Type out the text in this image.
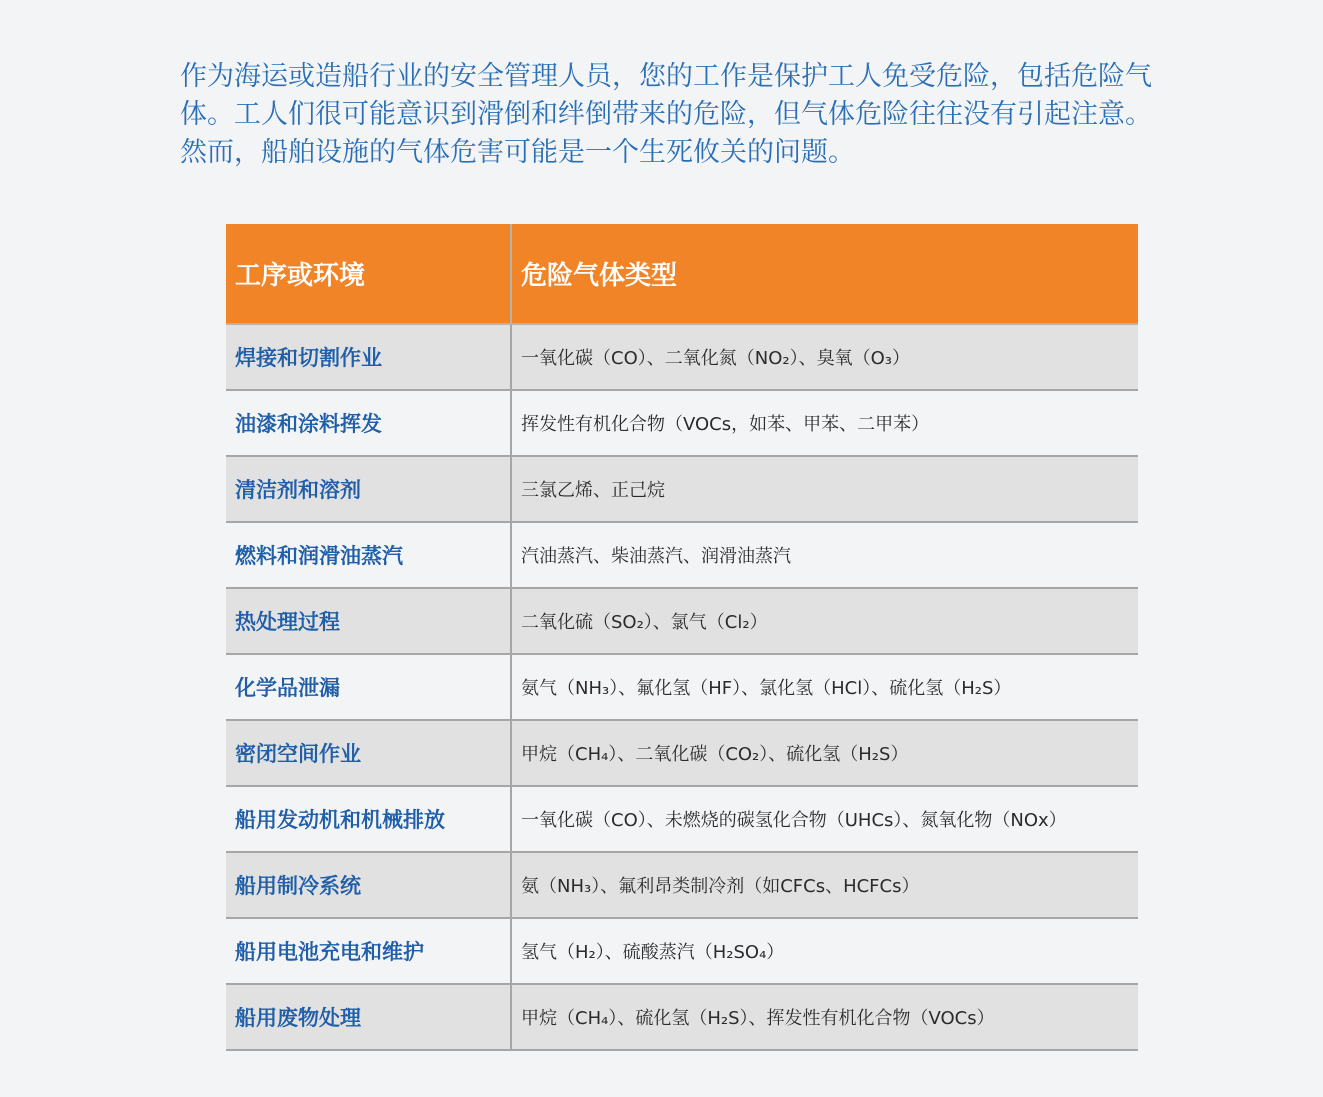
作为海运或造船行业的安全管理人员，您的工作是保护工人免受危险，包括危险气体。工人们很可能意识到滑倒和绊倒带来的危险，但气体危险往往没有引起注意。然而，船舶设施的气体危害可能是一个生死攸关的问题。

工序或环境	危险气体类型
焊接和切割作业	一氧化碳（CO）、二氧化氮（NO₂）、臭氧（O₃）
油漆和涂料挥发	挥发性有机化合物（VOCs，如苯、甲苯、二甲苯）
清洁剂和溶剂	三氯乙烯、正己烷
燃料和润滑油蒸汽	汽油蒸汽、柴油蒸汽、润滑油蒸汽
热处理过程	二氧化硫（SO₂）、氯气（Cl₂）
化学品泄漏	氨气（NH₃）、氟化氢（HF）、氯化氢（HCl）、硫化氢（H₂S）
密闭空间作业	甲烷（CH₄）、二氧化碳（CO₂）、硫化氢（H₂S）
船用发动机和机械排放	一氧化碳（CO）、未燃烧的碳氢化合物（UHCs）、氮氧化物（NOx）
船用制冷系统	氨（NH₃）、氟利昂类制冷剂（如CFCs、HCFCs）
船用电池充电和维护	氢气（H₂）、硫酸蒸汽（H₂SO₄）
船用废物处理	甲烷（CH₄）、硫化氢（H₂S）、挥发性有机化合物（VOCs）
